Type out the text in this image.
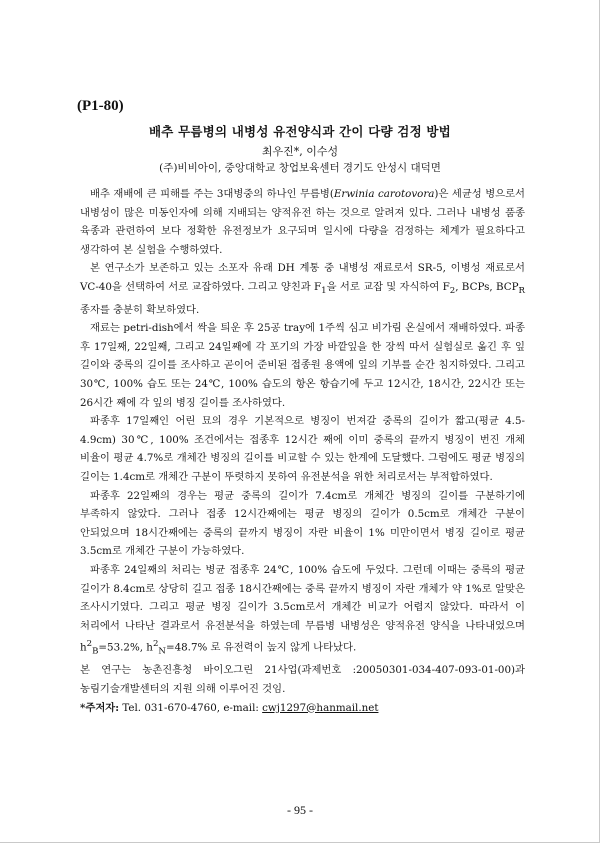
(P1-80)
배추 무름병의 내병성 유전양식과 간이 다량 검정 방법
최우진*, 이수성
(주)비비아이, 중앙대학교 창업보육센터 경기도 안성시 대덕면

배추 재배에 큰 피해를 주는 3대병중의 하나인 무름병(Erwinia carotovora)은 세균성 병으로서 내병성이 많은 미동인자에 의해 지배되는 양적유전 하는 것으로 알려져 있다. 그러나 내병성 품종 육종과 관련하여 보다 정확한 유전정보가 요구되며 일시에 다량을 검정하는 체계가 필요하다고 생각하여 본 실험을 수행하였다.

본 연구소가 보존하고 있는 소포자 유래 DH 계통 중 내병성 재료로서 SR-5, 이병성 재료로서 VC-40을 선택하여 서로 교잡하였다. 그리고 양친과 $F_1$을 서로 교잡 및 자식하여 $F_2$, BCPs, $BCP_R$ 종자를 충분히 확보하였다.

재료는 petri-dish에서 싹을 틔운 후 25공 tray에 1주씩 심고 비가림 온실에서 재배하였다. 파종 후 17일째, 22일째, 그리고 24일째에 각 포기의 가장 바깥잎을 한 장씩 따서 실험실로 옮긴 후 잎 길이와 중록의 길이를 조사하고 곧이어 준비된 접종원 용액에 잎의 기부를 순간 침지하였다. 그리고 30℃, 100% 습도 또는 24℃, 100% 습도의 항온 항습기에 두고 12시간, 18시간, 22시간 또는 26시간 째에 각 잎의 병징 길이를 조사하였다.

파종후 17일째인 어린 묘의 경우 기본적으로 병징이 번져갈 중록의 길이가 짧고(평균 4.5-4.9cm) 30℃, 100% 조건에서는 접종후 12시간 째에 이미 중록의 끝까지 병징이 번진 개체 비율이 평균 4.7%로 개체간 병징의 길이를 비교할 수 있는 한계에 도달했다. 그럼에도 평균 병징의 길이는 1.4cm로 개체간 구분이 뚜렷하지 못하여 유전분석을 위한 처리로서는 부적합하였다.

파종후 22일째의 경우는 평균 중록의 길이가 7.4cm로 개체간 병징의 길이를 구분하기에 부족하지 않았다. 그러나 접종 12시간째에는 평균 병징의 길이가 0.5cm로 개체간 구분이 안되었으며 18시간째에는 중록의 끝까지 병징이 자란 비율이 1% 미만이면서 병징 길이로 평균 3.5cm로 개체간 구분이 가능하였다.

파종후 24일째의 처리는 병균 접종후 24℃, 100% 습도에 두었다. 그런데 이때는 중록의 평균 길이가 8.4cm로 상당히 길고 접종 18시간째에는 중록 끝까지 병징이 자란 개체가 약 1%로 알맞은 조사시기였다. 그리고 평균 병징 길이가 3.5cm로서 개체간 비교가 어렵지 않았다. 따라서 이 처리에서 나타난 결과로서 유전분석을 하였는데 무름병 내병성은 양적유전 양식을 나타내었으며 $h^2_B=53.2\%$, $h^2_N=48.7\%$ 로 유전력이 높지 않게 나타났다.

본 연구는 농촌진흥청 바이오그린 21사업(과제번호 :20050301-034-407-093-01-00)과 농림기술개발센터의 지원 의해 이루어진 것임.

*주저자: Tel. 031-670-4760, e-mail: cwj1297@hanmail.net

- 95 -
